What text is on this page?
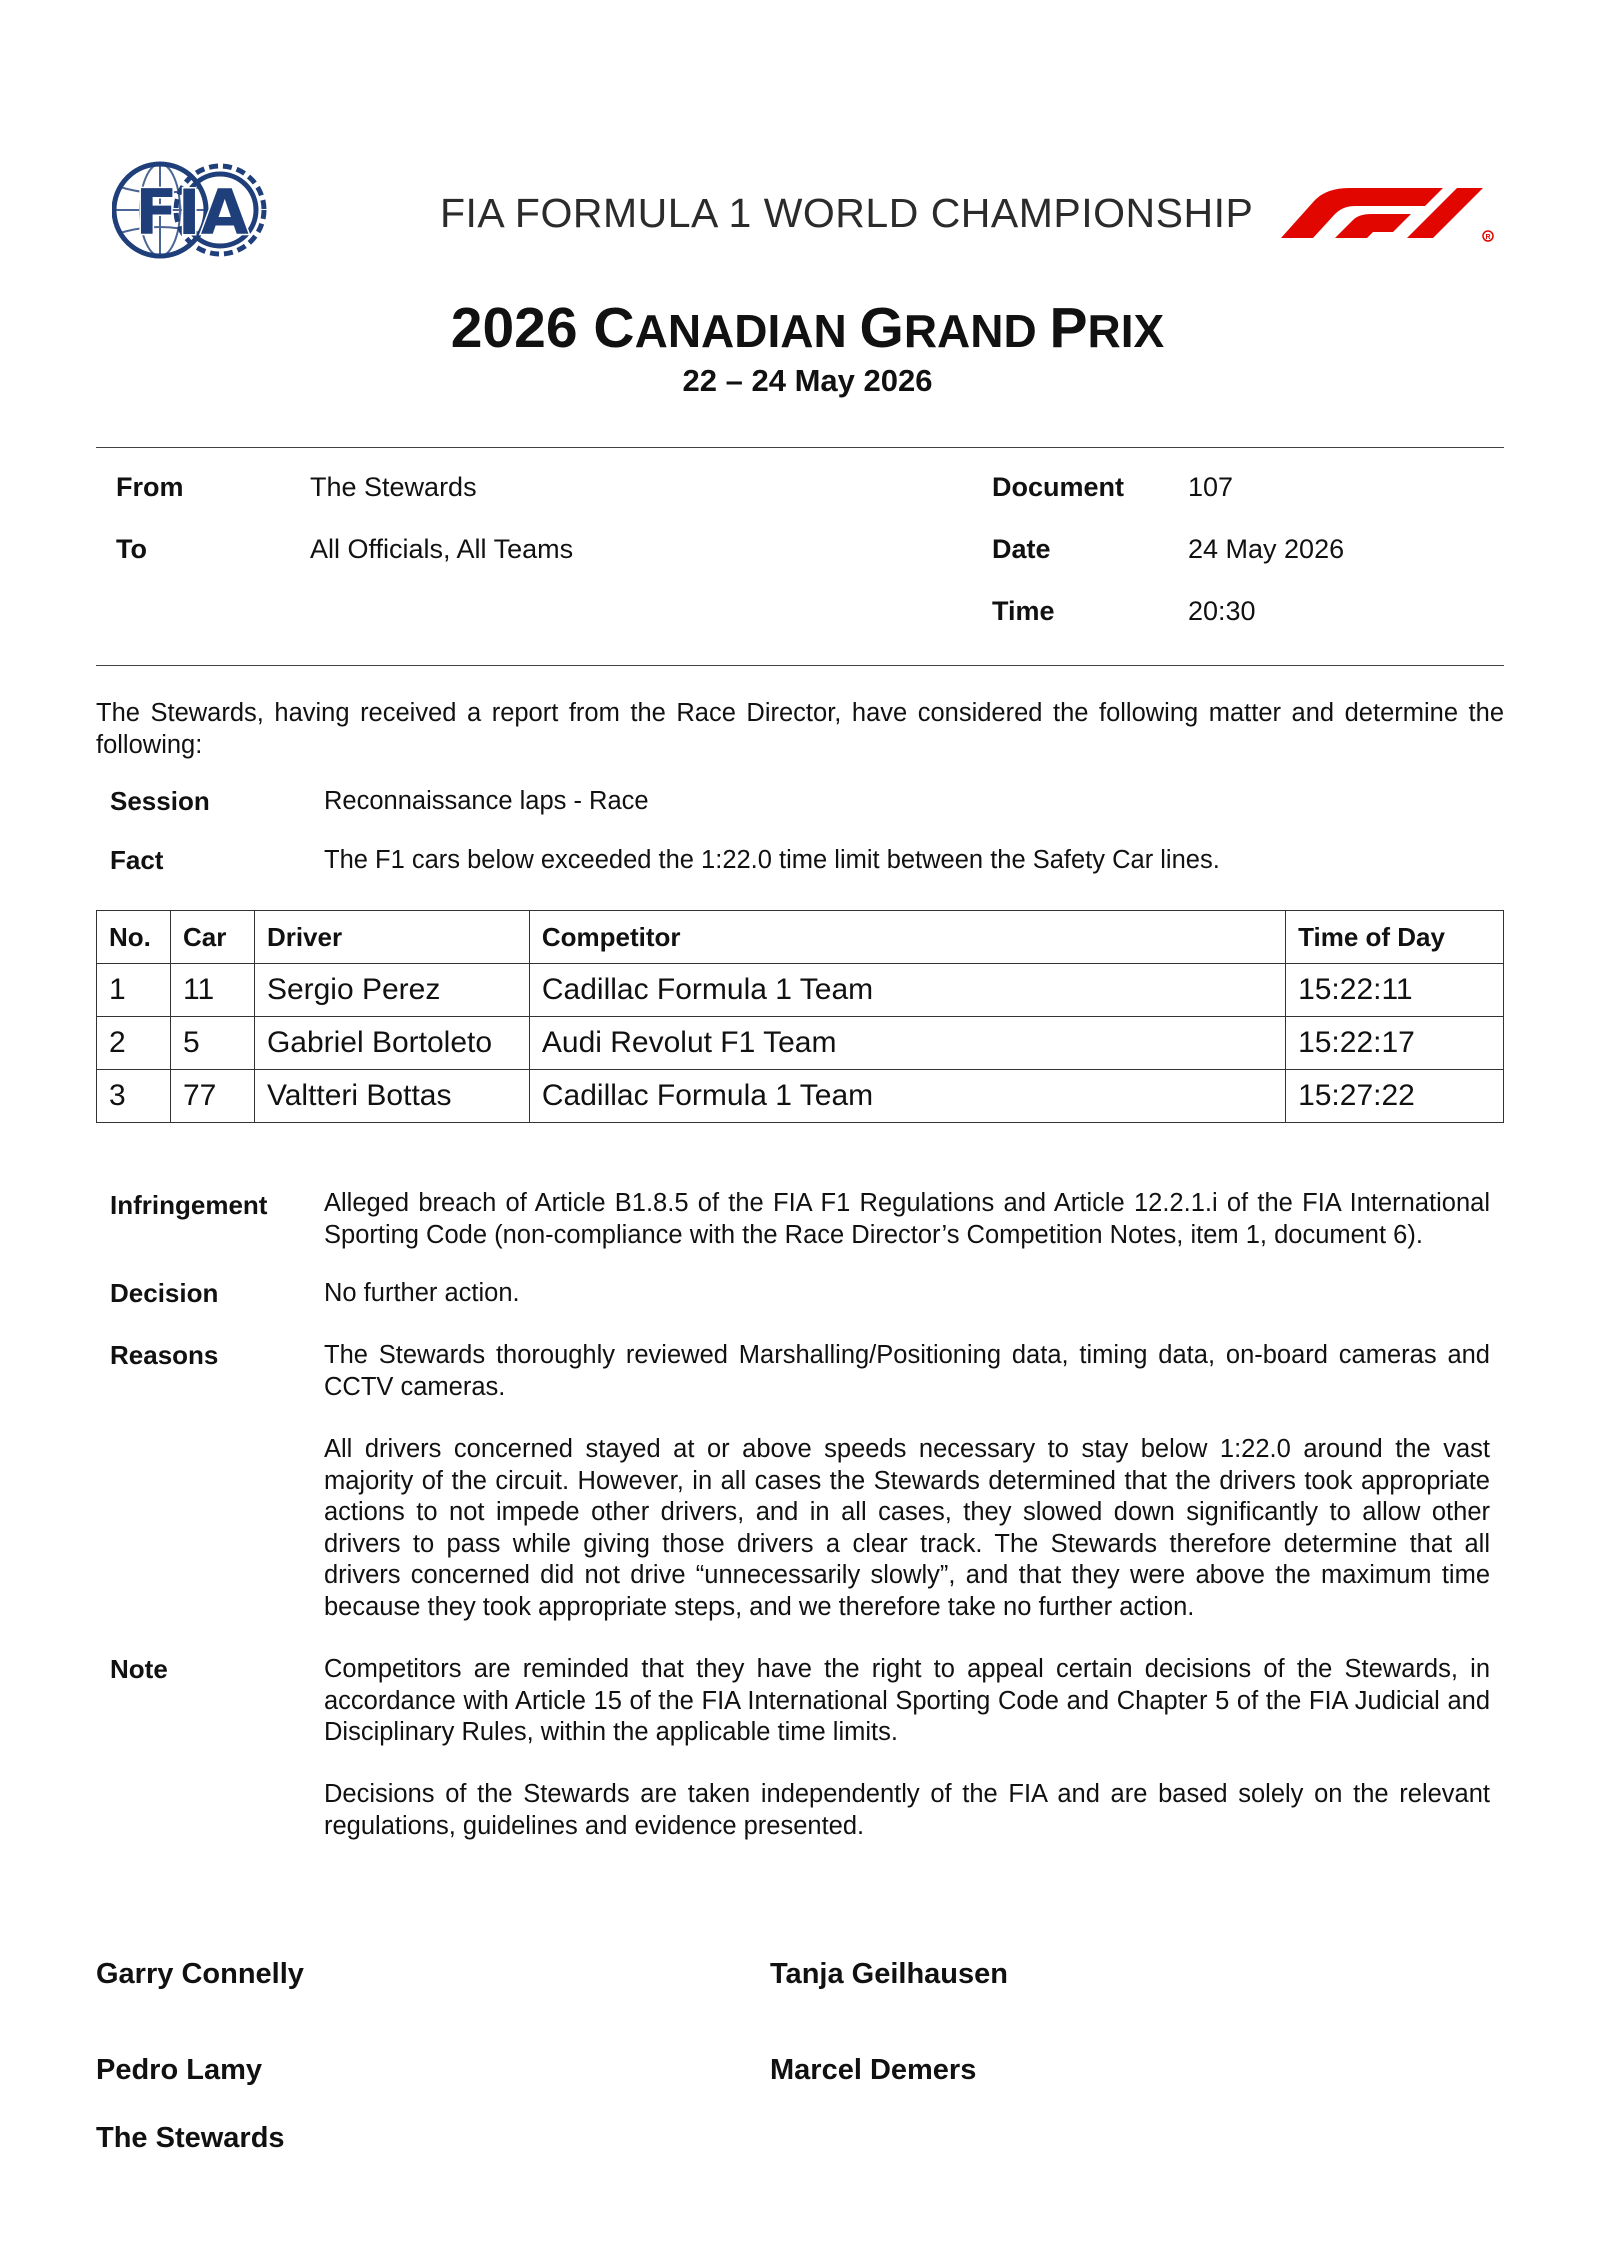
FIA	FIA FORMULA 1 WORLD CHAMPIONSHIP
R
2026 CANADIAN GRAND PRIX
22 – 24 May 2026
From	The Stewards
To	All Officials, All Teams
Document 107
Date	24 May 2026
Time	20:30
The Stewards, having received a report from the Race Director, have considered the following matter and determine the following:
Session	Reconnaissance laps - Race
Fact	The F1 cars below exceeded the 1:22.0 time limit between the Safety Car lines.
No.	Car	Driver	Competitor	Time of Day
1	11	Sergio Perez	Cadillac Formula 1 Team	15:22:11
2	5	Gabriel Bortoleto	Audi Revolut F1 Team	15:22:17
3	77	Valtteri Bottas	Cadillac Formula 1 Team	15:27:22
Infringement Alleged breach of Article B1.8.5 of the FIA F1 Regulations and Article 12.2.1.i of the FIA International Sporting Code (non-compliance with the Race Director’s Competition Notes, item 1, document 6).
Decision	No further action.
Reasons	The Stewards thoroughly reviewed Marshalling/Positioning data, timing data, on-board cameras and CCTV cameras.
All drivers concerned stayed at or above speeds necessary to stay below 1:22.0 around the vast majority of the circuit. However, in all cases the Stewards determined that the drivers took appropriate actions to not impede other drivers, and in all cases, they slowed down significantly to allow other drivers to pass while giving those drivers a clear track. The Stewards therefore determine that all drivers concerned did not drive “unnecessarily slowly”, and that they were above the maximum time because they took appropriate steps, and we therefore take no further action.
Note	Competitors are reminded that they have the right to appeal certain decisions of the Stewards, in accordance with Article 15 of the FIA International Sporting Code and Chapter 5 of the FIA Judicial and Disciplinary Rules, within the applicable time limits.
Decisions of the Stewards are taken independently of the FIA and are based solely on the relevant regulations, guidelines and evidence presented.
Garry Connelly	Tanja Geilhausen
Pedro Lamy	Marcel Demers
The Stewards
